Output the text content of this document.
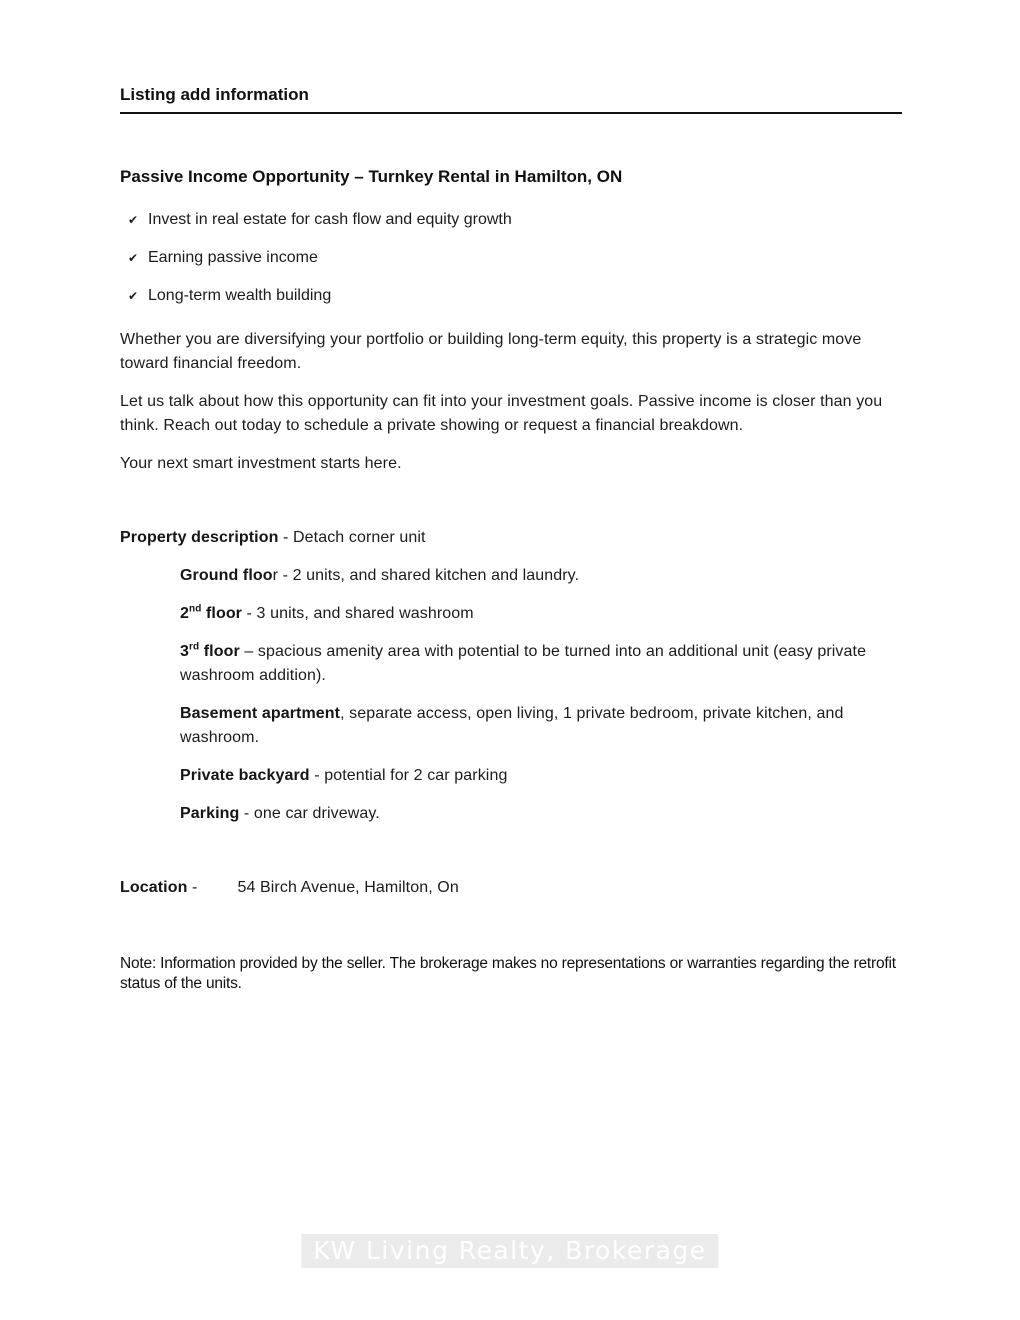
Listing add information
Passive Income Opportunity – Turnkey Rental in Hamilton, ON
✔ Invest in real estate for cash flow and equity growth
✔ Earning passive income
✔ Long-term wealth building

Whether you are diversifying your portfolio or building long-term equity, this property is a strategic move toward financial freedom.

Let us talk about how this opportunity can fit into your investment goals. Passive income is closer than you think. Reach out today to schedule a private showing or request a financial breakdown.

Your next smart investment starts here.

Property description - Detach corner unit

Ground floor - 2 units, and shared kitchen and laundry.

2nd floor - 3 units, and shared washroom

3rd floor – spacious amenity area with potential to be turned into an additional unit (easy private washroom addition).

Basement apartment, separate access, open living, 1 private bedroom, private kitchen, and washroom.

Private backyard - potential for 2 car parking

Parking - one car driveway.

Location -	54 Birch Avenue, Hamilton, On

Note: Information provided by the seller. The brokerage makes no representations or warranties regarding the retrofit status of the units.

KW Living Realty, Brokerage
